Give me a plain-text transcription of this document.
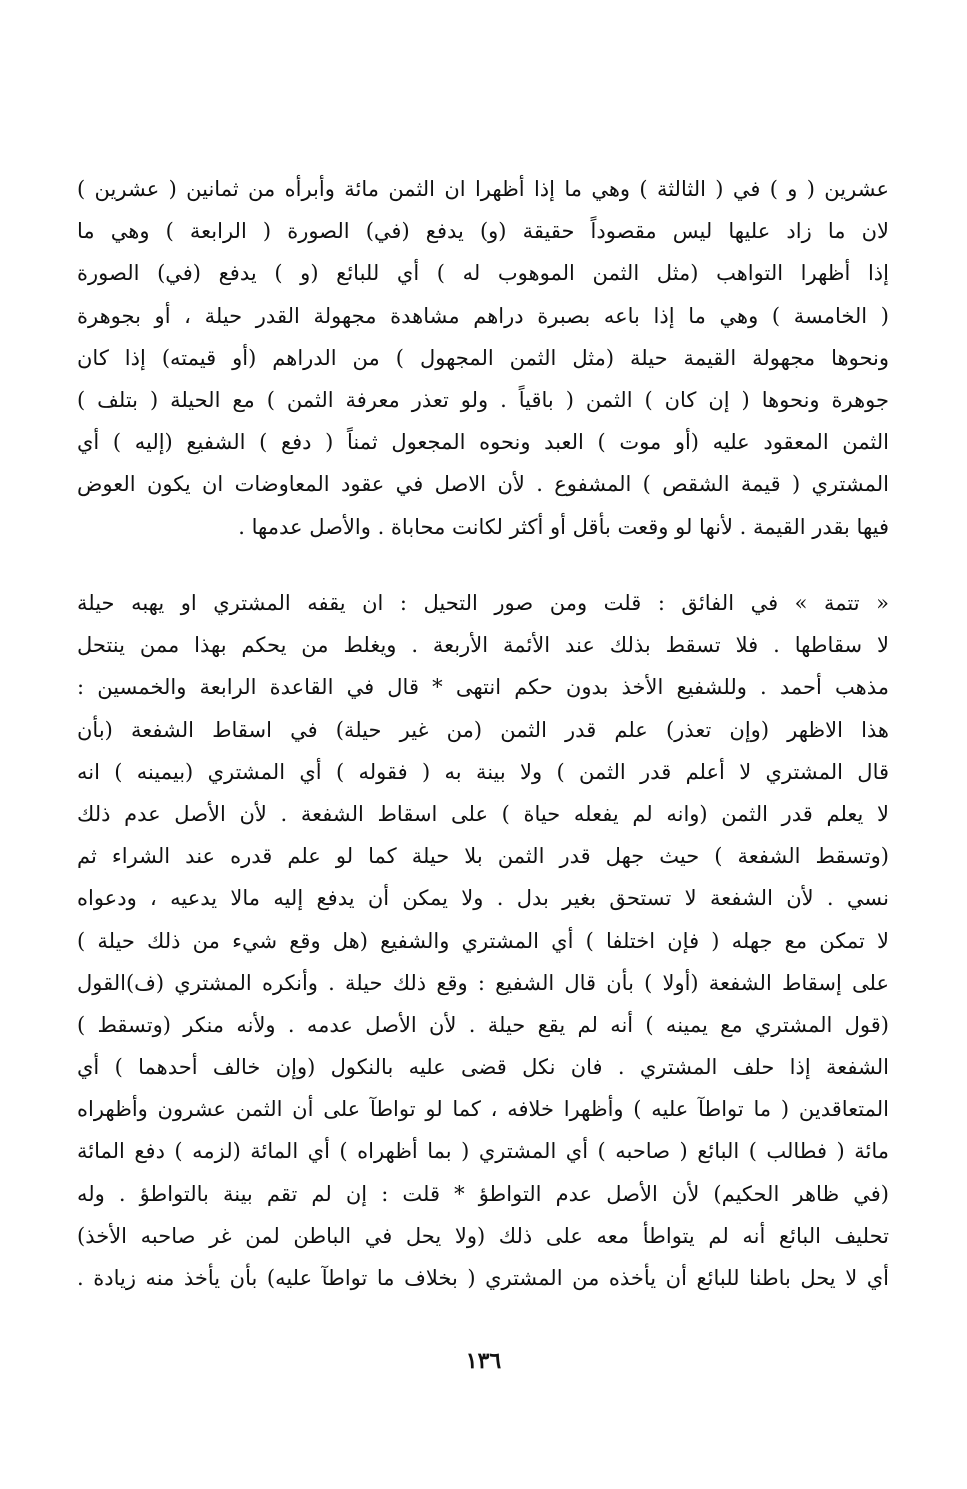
عشرين ( و ) في ( الثالثة ) وهي ما إذا أظهرا ان الثمن مائة وأبرأه من ثمانين ( عشرين )
لان ما زاد عليها ليس مقصوداً حقيقة (و) يدفع (في) الصورة ( الرابعة ) وهي ما
إذا أظهرا التواهب (مثل الثمن الموهوب له ) أي للبائع (و ) يدفع (في) الصورة
( الخامسة ) وهي ما إذا باعه بصبرة دراهم مشاهدة مجهولة القدر حيلة ، أو بجوهرة
ونحوها مجهولة القيمة حيلة (مثل الثمن المجهول ) من الدراهم (أو قيمته) إذا كان
جوهرة ونحوها ( إن كان ) الثمن ( باقياً . ولو تعذر معرفة الثمن ) مع الحيلة ( بتلف )
الثمن المعقود عليه (أو موت ) العبد ونحوه المجعول ثمناً ( دفع ) الشفيع (إليه ) أي
المشتري ( قيمة الشقص ) المشفوع . لأن الاصل في عقود المعاوضات ان يكون العوض
فيها بقدر القيمة . لأنها لو وقعت بأقل أو أكثر لكانت محاباة . والأصل عدمها .
« تتمة » في الفائق : قلت ومن صور التحيل : ان يقفه المشتري او يهبه حيلة
لا سقاطها . فلا تسقط بذلك عند الأئمة الأربعة . ويغلط من يحكم بهذا ممن ينتحل
مذهب أحمد . وللشفيع الأخذ بدون حكم انتهى * قال في القاعدة الرابعة والخمسين :
هذا الاظهر (وإن تعذر) علم قدر الثمن (من غير حيلة) في اسقاط الشفعة (بأن
قال المشتري لا أعلم قدر الثمن ) ولا بينة به ( فقوله ) أي المشتري (بيمينه ) انه
لا يعلم قدر الثمن (وانه لم يفعله حياة ) على اسقاط الشفعة . لأن الأصل عدم ذلك
(وتسقط الشفعة ) حيث جهل قدر الثمن بلا حيلة كما لو علم قدره عند الشراء ثم
نسي . لأن الشفعة لا تستحق بغير بدل . ولا يمكن أن يدفع إليه مالا يدعيه ، ودعواه
لا تمكن مع جهله ( فإن اختلفا ) أي المشتري والشفيع (هل وقع شيء من ذلك حيلة )
على إسقاط الشفعة (أولا ) بأن قال الشفيع : وقع ذلك حيلة . وأنكره المشتري (ف)القول
(قول المشتري مع يمينه ) أنه لم يقع حيلة . لأن الأصل عدمه . ولأنه منكر (وتسقط )
الشفعة إذا حلف المشتري . فان نكل قضى عليه بالنكول (وإن خالف أحدهما ) أي
المتعاقدين ( ما تواطآ عليه ) وأظهرا خلافه ، كما لو تواطآ على أن الثمن عشرون وأظهراه
مائة ( فطالب ) البائع ( صاحبه ) أي المشتري ( بما أظهراه ) أي المائة (لزمه ) دفع المائة
(في ظاهر الحكيم) لأن الأصل عدم التواطؤ * قلت : إن لم تقم بينة بالتواطؤ . وله
تحليف البائع أنه لم يتواطأ معه على ذلك (ولا يحل في الباطن لمن غر صاحبه الأخذ)
أي لا يحل باطنا للبائع أن يأخذه من المشتري ( بخلاف ما تواطآ عليه) بأن يأخذ منه زيادة .
١٣٦
